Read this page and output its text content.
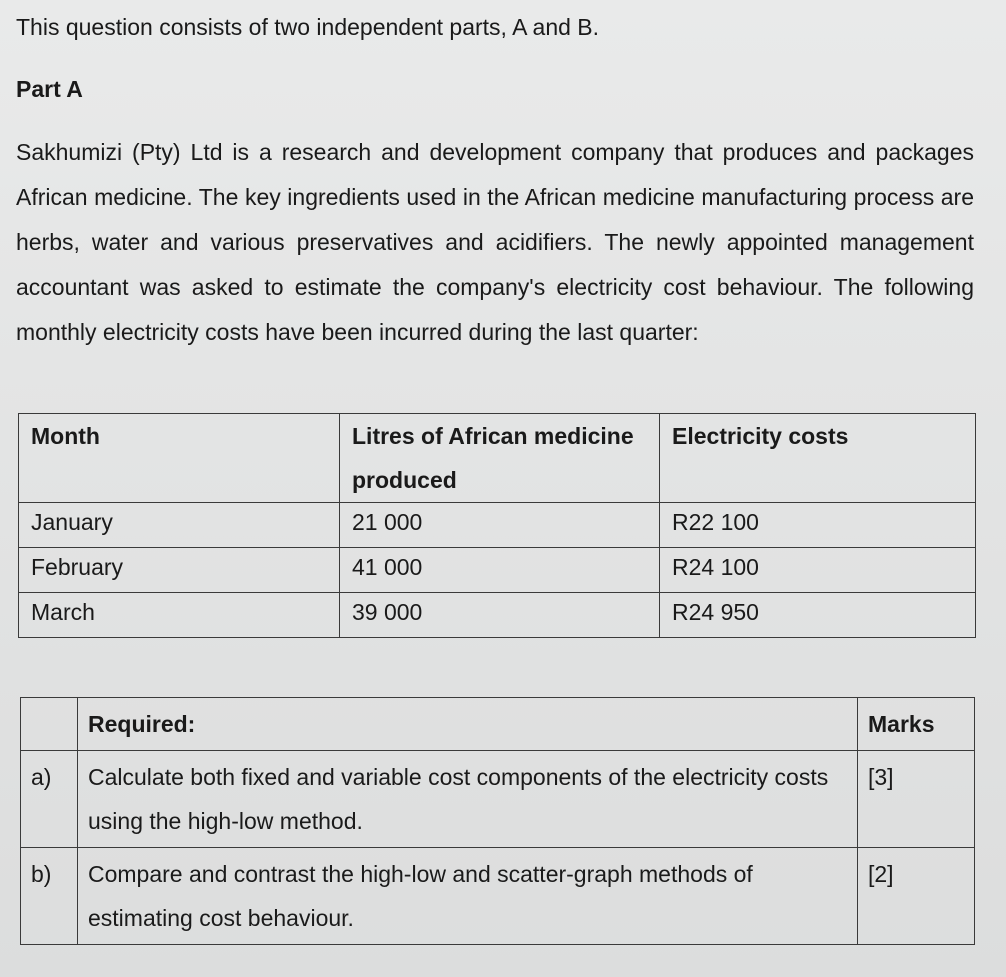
This question consists of two independent parts, A and B.

Part A

Sakhumizi (Pty) Ltd is a research and development company that produces and packages African medicine. The key ingredients used in the African medicine manufacturing process are herbs, water and various preservatives and acidifiers. The newly appointed management accountant was asked to estimate the company's electricity cost behaviour. The following monthly electricity costs have been incurred during the last quarter:

Month	Litres of African medicine produced	Electricity costs
January	21 000	R22 100
February	41 000	R24 100
March	39 000	R24 950
	Required:	Marks
a)	Calculate both fixed and variable cost components of the electricity costs using the high-low method.	[3]
b)	Compare and contrast the high-low and scatter-graph methods of estimating cost behaviour.	[2]
